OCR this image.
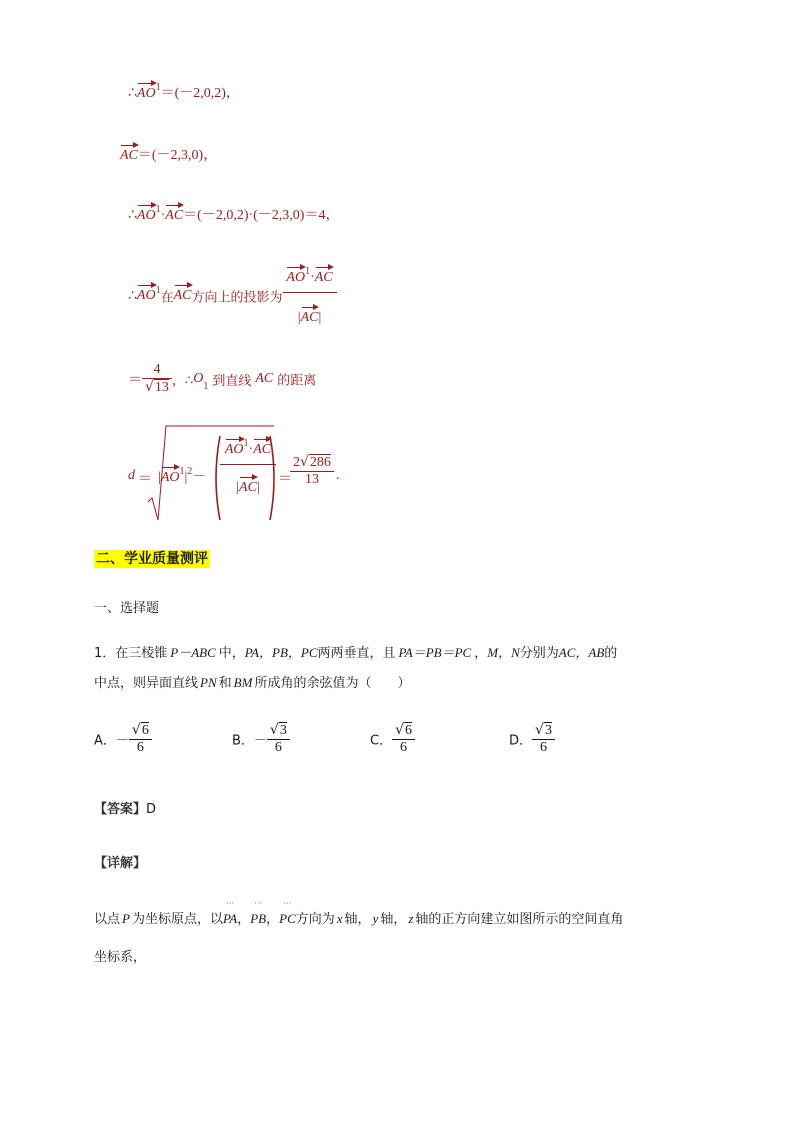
$\therefore AO^1=(-2,0,2)$，
AC＝(－2,3,0)，
$\therefore AO^1\cdot AC=(-2,0,2)\cdot(-2,3,0)=4$，
$\therefore AO^1$在AC方向上的投影为 $\frac{AO^1\cdot AC}{|AC|}$
＝ $\frac{4}{√13}$ ，$\therefore O_1$ 到直线 AC 的距离
$d = |AO^1|^2- \frac{AO^1\cdot AC}{|AC|}$ ＝
$\frac{2√286}{13}$ .
二、学业质量测评
一、选择题
1．在三棱锥 P－ABC 中，PA，PB，PC两两垂直，且 PA＝PB＝PC ，M，N分别为AC，AB的
中点，则异面直线 PN 和 BM 所成角的余弦值为（　　）
A．－ $\frac{√6}{6}$	B．－ $\frac{√3}{6}$	C． $\frac{√6}{6}$	D． $\frac{√3}{6}$
【答案】D
【详解】
以点 P 为坐标原点，以˙˙˙ PA，˙˙˙ PB，˙˙˙ PC方向为 x 轴， y 轴， z 轴的正方向建立如图所示的空间直角
坐标系，
